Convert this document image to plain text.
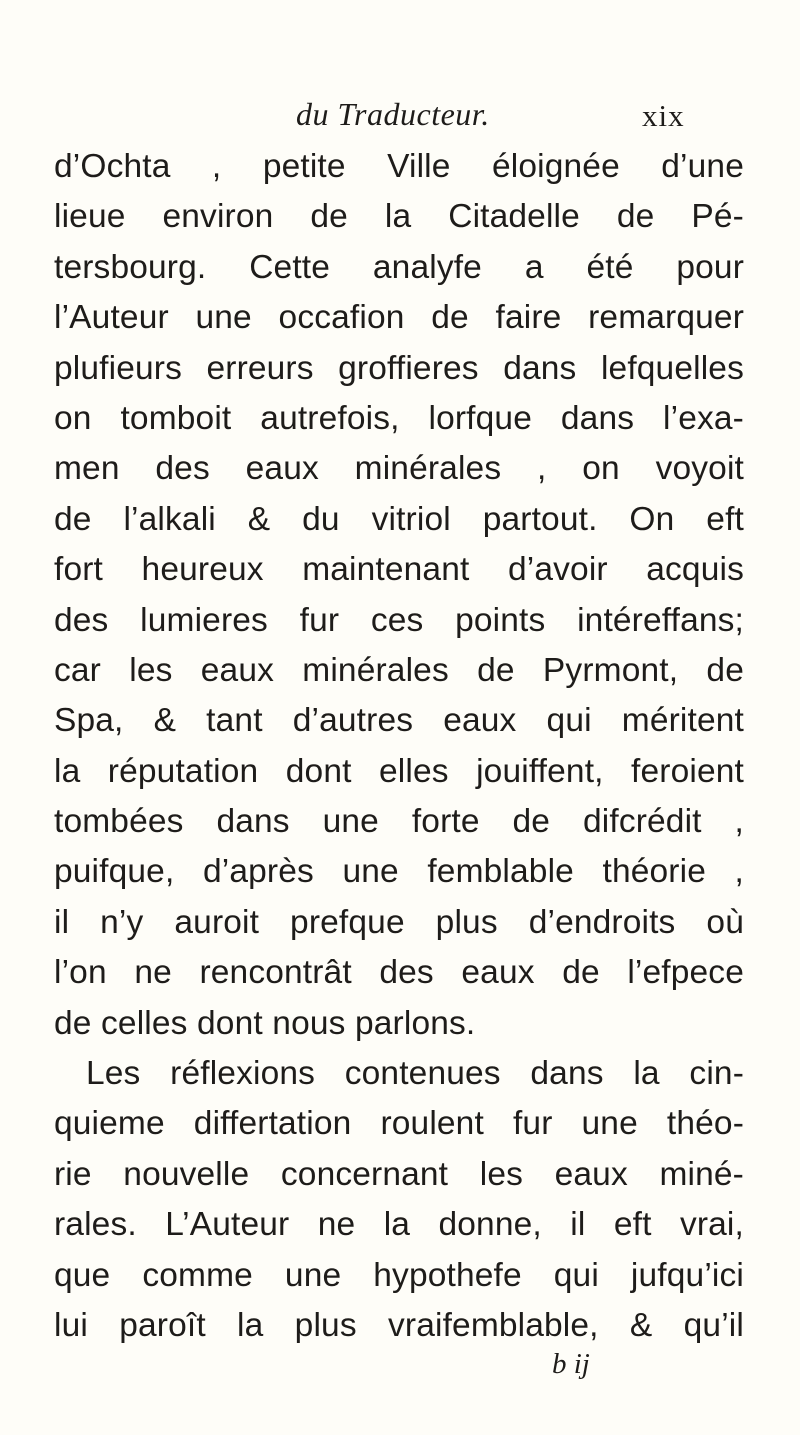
du Traducteur.	xix
d’Ochta , petite Ville éloignée d’une
lieue environ de la Citadelle de Pé-
tersbourg. Cette analyfe a été pour
l’Auteur une occafion de faire remarquer
plufieurs erreurs groffieres dans lefquelles
on tomboit autrefois, lorfque dans l’exa-
men des eaux minérales , on voyoit
de l’alkali & du vitriol partout. On eft
fort heureux maintenant d’avoir acquis
des lumieres fur ces points intéreffans;
car les eaux minérales de Pyrmont, de
Spa, & tant d’autres eaux qui méritent
la réputation dont elles jouiffent, feroient
tombées dans une forte de difcrédit ,
puifque, d’après une femblable théorie ,
il n’y auroit prefque plus d’endroits où
l’on ne rencontrât des eaux de l’efpece
de celles dont nous parlons.
Les réflexions contenues dans la cin-
quieme differtation roulent fur une théo-
rie nouvelle concernant les eaux miné-
rales. L’Auteur ne la donne, il eft vrai,
que comme une hypothefe qui jufqu’ici
lui paroît la plus vraifemblable, & qu’il
b ij
